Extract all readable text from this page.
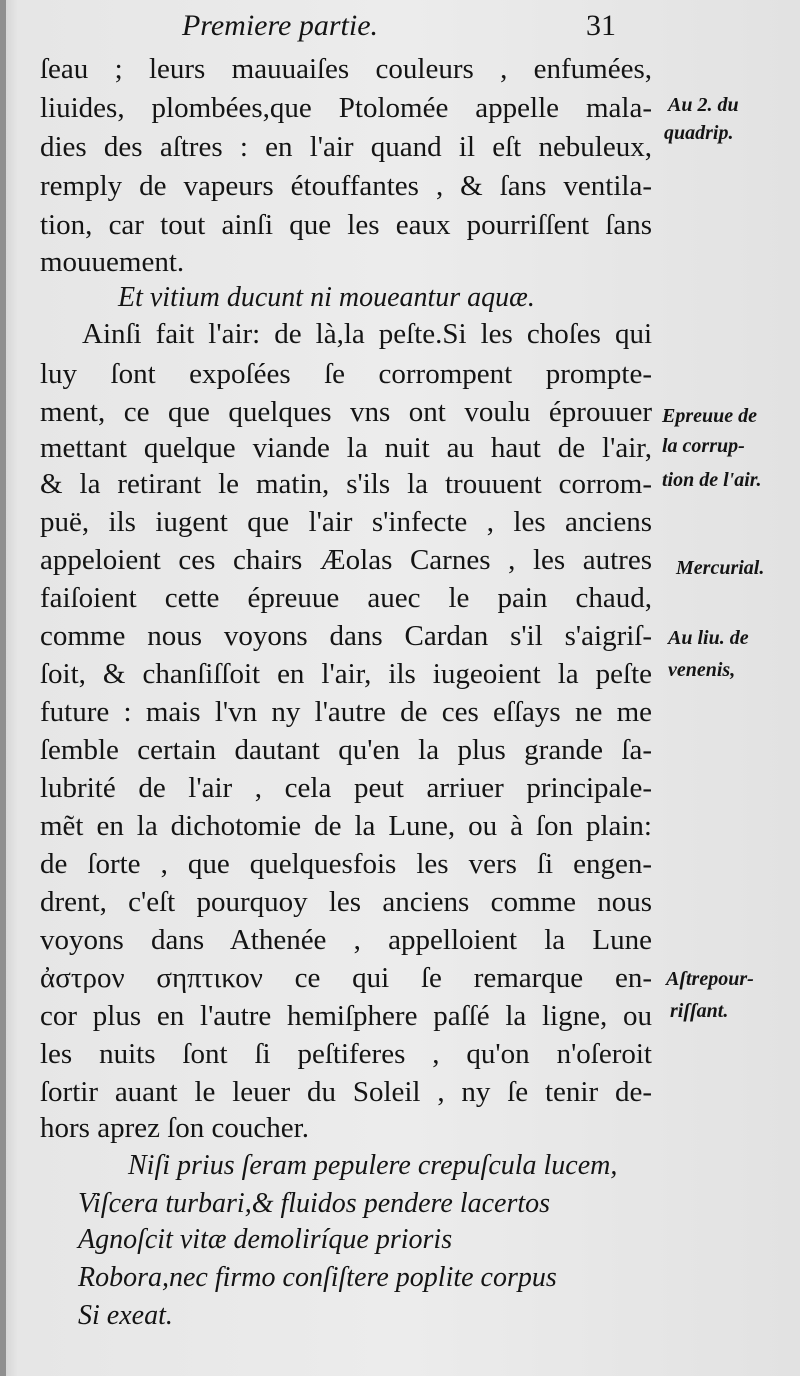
Premiere partie.	31
ſeau ; leurs mauuaiſes couleurs , enfumées,
liuides, plombées,que Ptolomée appelle mala-
dies des aſtres : en l'air quand il eſt nebuleux,
remply de vapeurs étouffantes , & ſans ventila-
tion, car tout ainſi que les eaux pourriſſent ſans
mouuement.
Et vitium ducunt ni moueantur aquæ.
Ainſi fait l'air: de là,la peſte.Si les choſes qui
luy ſont expoſées ſe corrompent prompte-
ment, ce que quelques vns ont voulu éprouuer
mettant quelque viande la nuit au haut de l'air,
& la retirant le matin, s'ils la trouuent corrom-
puë, ils iugent que l'air s'infecte , les anciens
appeloient ces chairs Æolas Carnes , les autres
faiſoient cette épreuue auec le pain chaud,
comme nous voyons dans Cardan s'il s'aigriſ-
ſoit, & chanſiſſoit en l'air, ils iugeoient la peſte
future : mais l'vn ny l'autre de ces eſſays ne me
ſemble certain dautant qu'en la plus grande ſa-
lubrité de l'air , cela peut arriuer principale-
mẽt en la dichotomie de la Lune, ou à ſon plain:
de ſorte , que quelquesfois les vers ſi engen-
drent, c'eſt pourquoy les anciens comme nous
voyons dans Athenée , appelloient la Lune
ἀστρον σηπτικον ce qui ſe remarque en-
cor plus en l'autre hemiſphere paſſé la ligne, ou
les nuits ſont ſi peſtiferes , qu'on n'oſeroit
ſortir auant le leuer du Soleil , ny ſe tenir de-
hors aprez ſon coucher.
Niſi prius ſeram pepulere crepuſcula lucem,
Viſcera turbari,& fluidos pendere lacertos
Agnoſcit vitæ demoliríque prioris
Robora,nec firmo conſiſtere poplite corpus
Si exeat.
Au 2. du
quadrip.
Epreuue de
la corrup-
tion de l'air.
Mercurial.
Au liu. de
venenis,
Aſtrepour-
riſſant.
